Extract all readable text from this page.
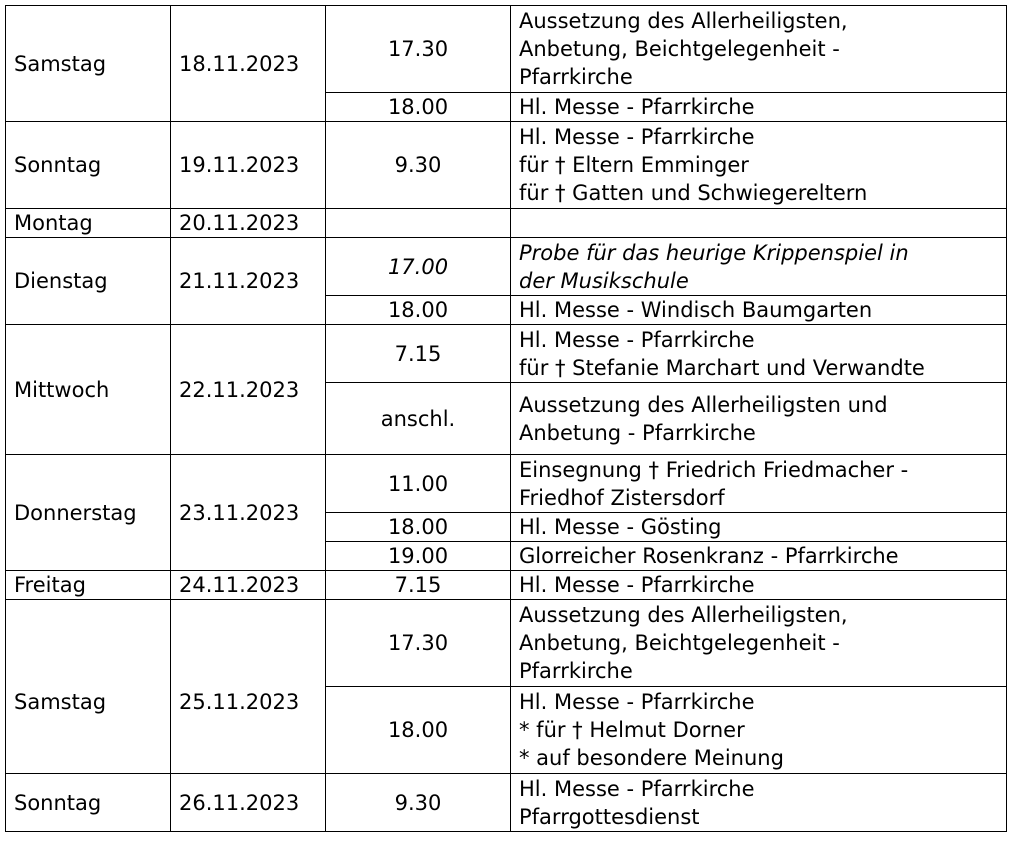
Samstag	18.11.2023	17.30	Aussetzung des Allerheiligsten,
Anbetung, Beichtgelegenheit -
Pfarrkirche

		18.00	Hl. Messe - Pfarrkirche

Sonntag	19.11.2023	9.30	Hl. Messe - Pfarrkirche
für † Eltern Emminger
für † Gatten und Schwiegereltern

Montag	20.11.2023		

Dienstag	21.11.2023	17.00	Probe für das heurige Krippenspiel in
der Musikschule

		18.00	Hl. Messe - Windisch Baumgarten

Mittwoch	22.11.2023	7.15	Hl. Messe - Pfarrkirche
für † Stefanie Marchart und Verwandte

		anschl.	Aussetzung des Allerheiligsten und
Anbetung - Pfarrkirche

Donnerstag	23.11.2023	11.00	Einsegnung † Friedrich Friedmacher -
Friedhof Zistersdorf

		18.00	Hl. Messe - Gösting

		19.00	Glorreicher Rosenkranz - Pfarrkirche

Freitag	24.11.2023	7.15	Hl. Messe - Pfarrkirche

Samstag	25.11.2023	17.30	Aussetzung des Allerheiligsten,
Anbetung, Beichtgelegenheit -
Pfarrkirche

		18.00	Hl. Messe - Pfarrkirche
* für † Helmut Dorner
* auf besondere Meinung

Sonntag	26.11.2023	9.30	Hl. Messe - Pfarrkirche
Pfarrgottesdienst
